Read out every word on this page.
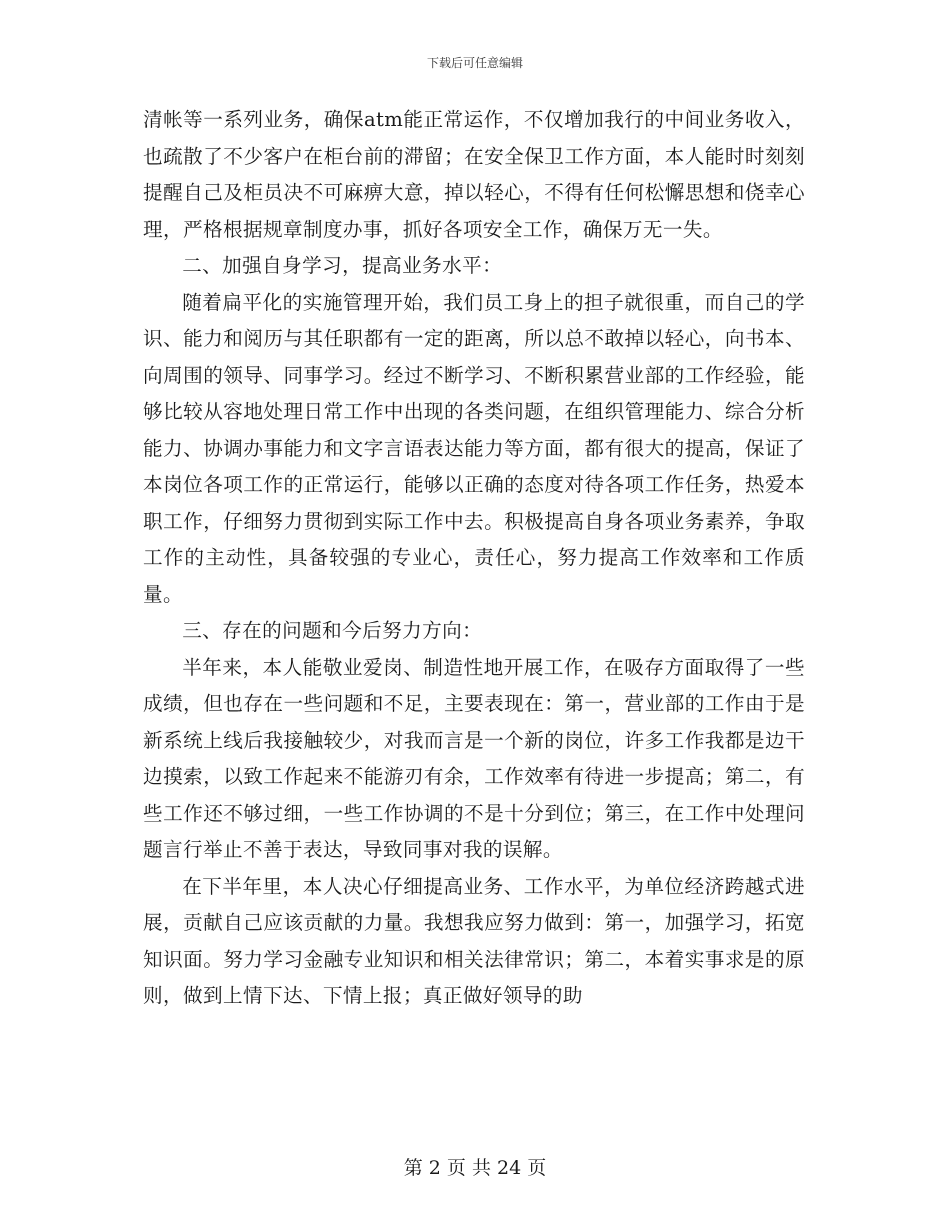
下载后可任意编辑

清帐等一系列业务，确保atm能正常运作，不仅增加我行的中间业务收入，也疏散了不少客户在柜台前的滞留；在安全保卫工作方面，本人能时时刻刻提醒自己及柜员决不可麻痹大意，掉以轻心，不得有任何松懈思想和侥幸心理，严格根据规章制度办事，抓好各项安全工作，确保万无一失。

二、加强自身学习，提高业务水平：

随着扁平化的实施管理开始，我们员工身上的担子就很重，而自己的学识、能力和阅历与其任职都有一定的距离，所以总不敢掉以轻心，向书本、向周围的领导、同事学习。经过不断学习、不断积累营业部的工作经验，能够比较从容地处理日常工作中出现的各类问题，在组织管理能力、综合分析能力、协调办事能力和文字言语表达能力等方面，都有很大的提高，保证了本岗位各项工作的正常运行，能够以正确的态度对待各项工作任务，热爱本职工作，仔细努力贯彻到实际工作中去。积极提高自身各项业务素养，争取工作的主动性，具备较强的专业心，责任心，努力提高工作效率和工作质量。

三、存在的问题和今后努力方向：

半年来，本人能敬业爱岗、制造性地开展工作，在吸存方面取得了一些成绩，但也存在一些问题和不足，主要表现在：第一，营业部的工作由于是新系统上线后我接触较少，对我而言是一个新的岗位，许多工作我都是边干边摸索，以致工作起来不能游刃有余，工作效率有待进一步提高；第二，有些工作还不够过细，一些工作协调的不是十分到位；第三，在工作中处理问题言行举止不善于表达，导致同事对我的误解。

在下半年里，本人决心仔细提高业务、工作水平，为单位经济跨越式进展，贡献自己应该贡献的力量。我想我应努力做到：第一，加强学习，拓宽知识面。努力学习金融专业知识和相关法律常识；第二，本着实事求是的原则，做到上情下达、下情上报；真正做好领导的助

第 2 页 共 24 页
